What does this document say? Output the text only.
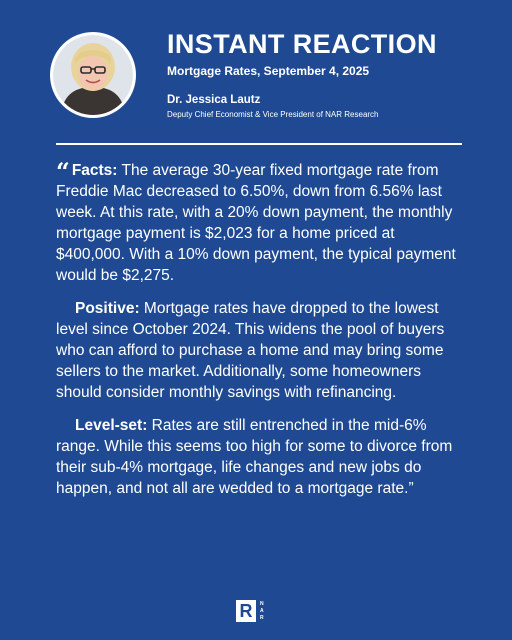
INSTANT REACTION
Mortgage Rates, September 4, 2025
Dr. Jessica Lautz
Deputy Chief Economist & Vice President of NAR Research

“ Facts: The average 30-year fixed mortgage rate from Freddie Mac decreased to 6.50%, down from 6.56% last week. At this rate, with a 20% down payment, the monthly mortgage payment is $2,023 for a home priced at $400,000. With a 10% down payment, the typical payment would be $2,275.

Positive: Mortgage rates have dropped to the lowest level since October 2024. This widens the pool of buyers who can afford to purchase a home and may bring some sellers to the market. Additionally, some homeowners should consider monthly savings with refinancing.

Level-set: Rates are still entrenched in the mid-6% range. While this seems too high for some to divorce from their sub-4% mortgage, life changes and new jobs do happen, and not all are wedded to a mortgage rate.”

R	N
A
R
